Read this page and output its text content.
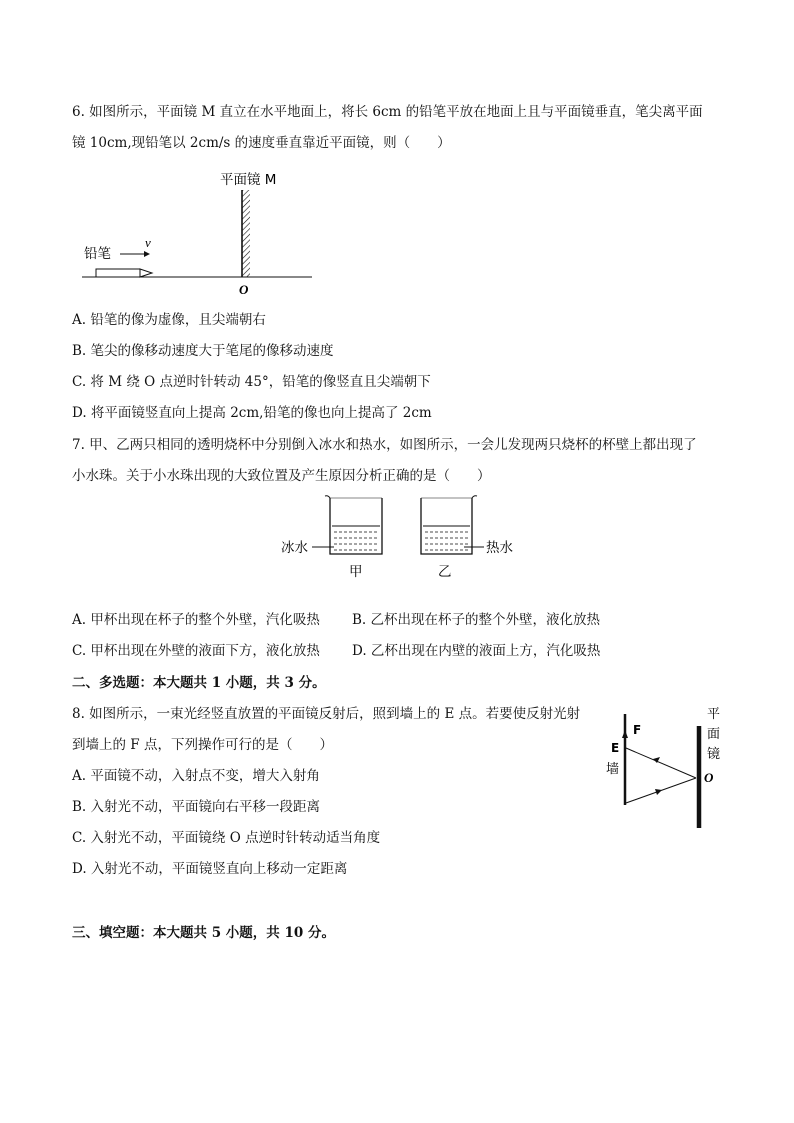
6. 如图所示，平面镜 M 直立在水平地面上，将长 6cm 的铅笔平放在地面上且与平面镜垂直，笔尖离平面
镜 10cm,现铅笔以 2cm/s 的速度垂直靠近平面镜，则（　　）
v
铅笔
平面镜 M
O
A. 铅笔的像为虚像，且尖端朝右
B. 笔尖的像移动速度大于笔尾的像移动速度
C. 将 M 绕 O 点逆时针转动 45°，铅笔的像竖直且尖端朝下
D. 将平面镜竖直向上提高 2cm,铅笔的像也向上提高了 2cm
7. 甲、乙两只相同的透明烧杯中分别倒入冰水和热水，如图所示，一会儿发现两只烧杯的杯壁上都出现了
小水珠。关于小水珠出现的大致位置及产生原因分析正确的是（　　）
冰水	热水
甲	乙
A. 甲杯出现在杯子的整个外壁，汽化吸热 B. 乙杯出现在杯子的整个外壁，液化放热
C. 甲杯出现在外壁的液面下方，液化放热 D. 乙杯出现在内壁的液面上方，汽化吸热
二、多选题：本大题共 1 小题，共 3 分。
8. 如图所示，一束光经竖直放置的平面镜反射后，照到墙上的 E 点。若要使反射光射
到墙上的 F 点，下列操作可行的是（　　）
A. 平面镜不动，入射点不变，增大入射角
B. 入射光不动，平面镜向右平移一段距离
C. 入射光不动，平面镜绕 O 点逆时针转动适当角度
D. 入射光不动，平面镜竖直向上移动一定距离
F
E
墙
平
面
镜
O
三、填空题：本大题共 5 小题，共 10 分。
